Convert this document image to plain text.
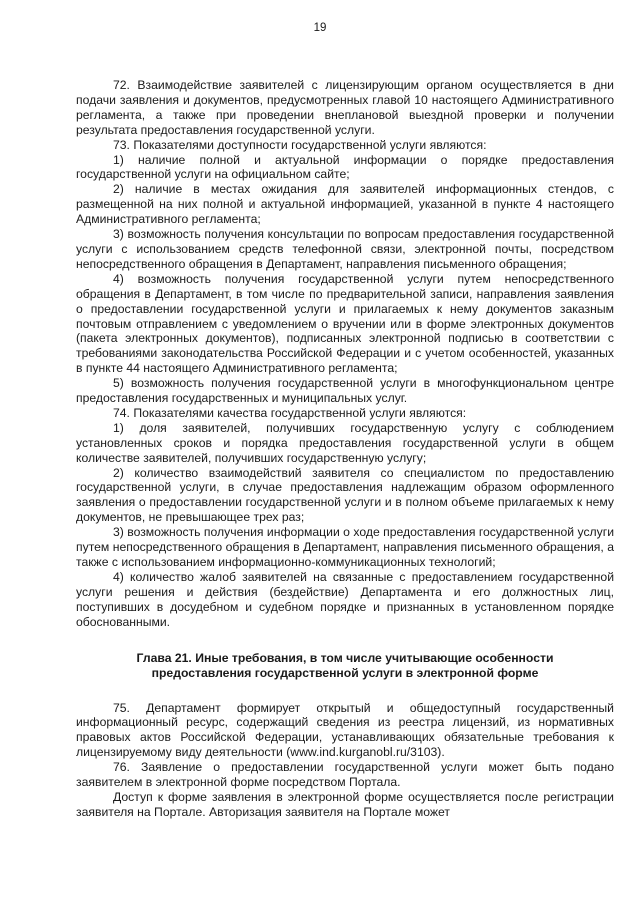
19

72. Взаимодействие заявителей с лицензирующим органом осуществляется в дни подачи заявления и документов, предусмотренных главой 10 настоящего Административного регламента, а также при проведении внеплановой выездной проверки и получении результата предоставления государственной услуги.

73. Показателями доступности государственной услуги являются:

1) наличие полной и актуальной информации о порядке предоставления государственной услуги на официальном сайте;

2) наличие в местах ожидания для заявителей информационных стендов, с размещенной на них полной и актуальной информацией, указанной в пункте 4 настоящего Административного регламента;

3) возможность получения консультации по вопросам предоставления государственной услуги с использованием средств телефонной связи, электронной почты, посредством непосредственного обращения в Департамент, направления письменного обращения;

4) возможность получения государственной услуги путем непосредственного обращения в Департамент, в том числе по предварительной записи, направления заявления о предоставлении государственной услуги и прилагаемых к нему документов заказным почтовым отправлением с уведомлением о вручении или в форме электронных документов (пакета электронных документов), подписанных электронной подписью в соответствии с требованиями законодательства Российской Федерации и с учетом особенностей, указанных в пункте 44 настоящего Административного регламента;

5) возможность получения государственной услуги в многофункциональном центре предоставления государственных и муниципальных услуг.

74. Показателями качества государственной услуги являются:

1) доля заявителей, получивших государственную услугу с соблюдением установленных сроков и порядка предоставления государственной услуги в общем количестве заявителей, получивших государственную услугу;

2) количество взаимодействий заявителя со специалистом по предоставлению государственной услуги, в случае предоставления надлежащим образом оформленного заявления о предоставлении государственной услуги и в полном объеме прилагаемых к нему документов, не превышающее трех раз;

3) возможность получения информации о ходе предоставления государственной услуги путем непосредственного обращения в Департамент, направления письменного обращения, а также с использованием информационно-коммуникационных технологий;

4) количество жалоб заявителей на связанные с предоставлением государственной услуги решения и действия (бездействие) Департамента и его должностных лиц, поступивших в досудебном и судебном порядке и признанных в установленном порядке обоснованными.

Глава 21. Иные требования, в том числе учитывающие особенности
предоставления государственной услуги в электронной форме

75. Департамент формирует открытый и общедоступный государственный информационный ресурс, содержащий сведения из реестра лицензий, из нормативных правовых актов Российской Федерации, устанавливающих обязательные требования к лицензируемому виду деятельности (www.ind.kurganobl.ru/3103).

76. Заявление о предоставлении государственной услуги может быть подано заявителем в электронной форме посредством Портала.

Доступ к форме заявления в электронной форме осуществляется после регистрации заявителя на Портале. Авторизация заявителя на Портале может
